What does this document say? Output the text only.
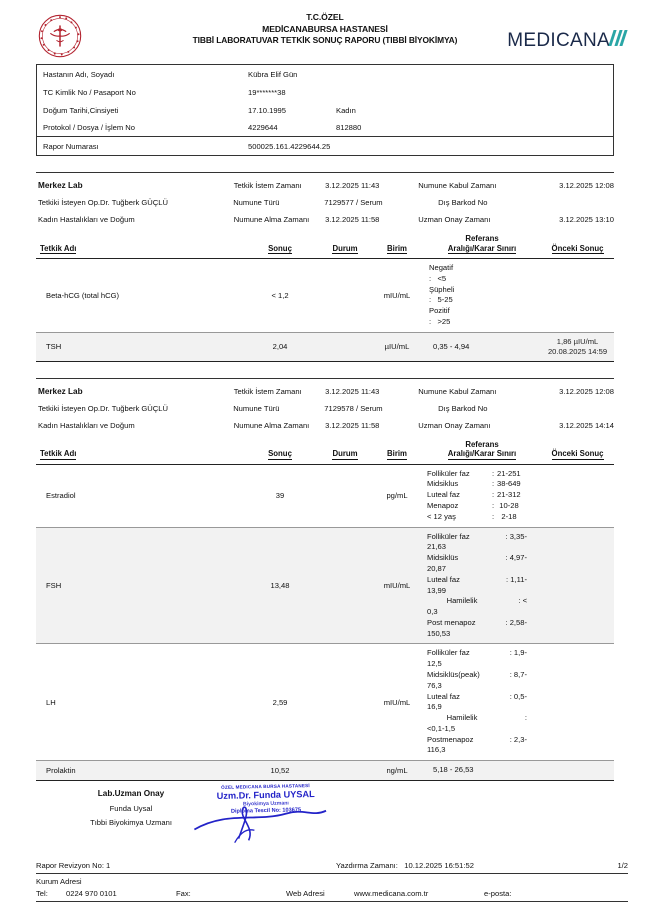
T.C.ÖZEL
MEDİCANABURSA HASTANESİ
TIBBİ LABORATUVAR TETKİK SONUÇ RAPORU (TIBBİ BİYOKİMYA)	MEDICANA
Hastanın Adı, Soyadı	Kübra Elif Gün
TC Kimlik No / Pasaport No	19*******38
Doğum Tarihi,Cinsiyeti	17.10.1995	Kadın
Protokol / Dosya / İşlem No	4229644	812880
Rapor Numarası	500025.161.4229644.25
Merkez Lab	Tetkik İstem Zamanı	3.12.2025 11:43	Numune Kabul Zamanı	3.12.2025 12:08
Tetkiki İsteyen Op.Dr. Tuğberk GÜÇLÜ	Numune Türü	7129577 / Serum	Dış Barkod No
Kadın Hastalıkları ve Doğum	Numune Alma Zamanı	3.12.2025 11:58	Uzman Onay Zamanı	3.12.2025 13:10
Tetkik Adı	Sonuç	Durum	Birim	Referans
Aralığı/Karar Sınırı	Önceki Sonuç
Beta-hCG (total hCG)	< 1,2		mIU/mL	
Negatif
: <5
Şüpheli
: 5-25
Pozitif
: >25

TSH	2,04		µIU/mL	0,35 - 4,94	1,86 µIU/mL
20.08.2025 14:59
Merkez Lab	Tetkik İstem Zamanı	3.12.2025 11:43	Numune Kabul Zamanı	3.12.2025 12:08
Tetkiki İsteyen Op.Dr. Tuğberk GÜÇLÜ	Numune Türü	7129578 / Serum	Dış Barkod No
Kadın Hastalıkları ve Doğum	Numune Alma Zamanı	3.12.2025 11:58	Uzman Onay Zamanı	3.12.2025 14:14
Tetkik Adı	Sonuç	Durum	Birim	Referans
Aralığı/Karar Sınırı	Önceki Sonuç
Estradiol	39		pg/mL	
Folliküler faz	: 21-251
Midsiklus	: 38-649
Luteal faz	: 21-312
Menapoz	: 10-28
< 12 yaş	: 2-18

FSH	13,48		mIU/mL	
Folliküler faz	: 3,35-
21,63
Midsiklüs	: 4,97-
20,87
Luteal faz	: 1,11-
13,99
Hamilelik	: <
0,3
Post menapoz	: 2,58-
150,53

LH	2,59		mIU/mL	
Folliküler faz	: 1,9-
12,5
Midsiklüs(peak)	: 8,7-
76,3
Luteal faz	: 0,5-
16,9
Hamilelik	:
<0,1-1,5
Postmenapoz	: 2,3-
116,3

Prolaktin	10,52		ng/mL	5,18 - 26,53	

Lab.Uzman Onay
Funda Uysal
Tıbbi Biyokimya Uzmanı
ÖZEL MEDICANA BURSA HASTANESİ
Uzm.Dr. Funda UYSAL
Biyokimya Uzmanı
Diploma Tescil No: 103675
Rapor Revizyon No: 1	Yazdırma Zamanı: 10.12.2025 16:51:52	1/2
Kurum Adresi
Tel:	0224 970 0101	Fax:	Web Adresi	www.medicana.com.tr	e-posta:
